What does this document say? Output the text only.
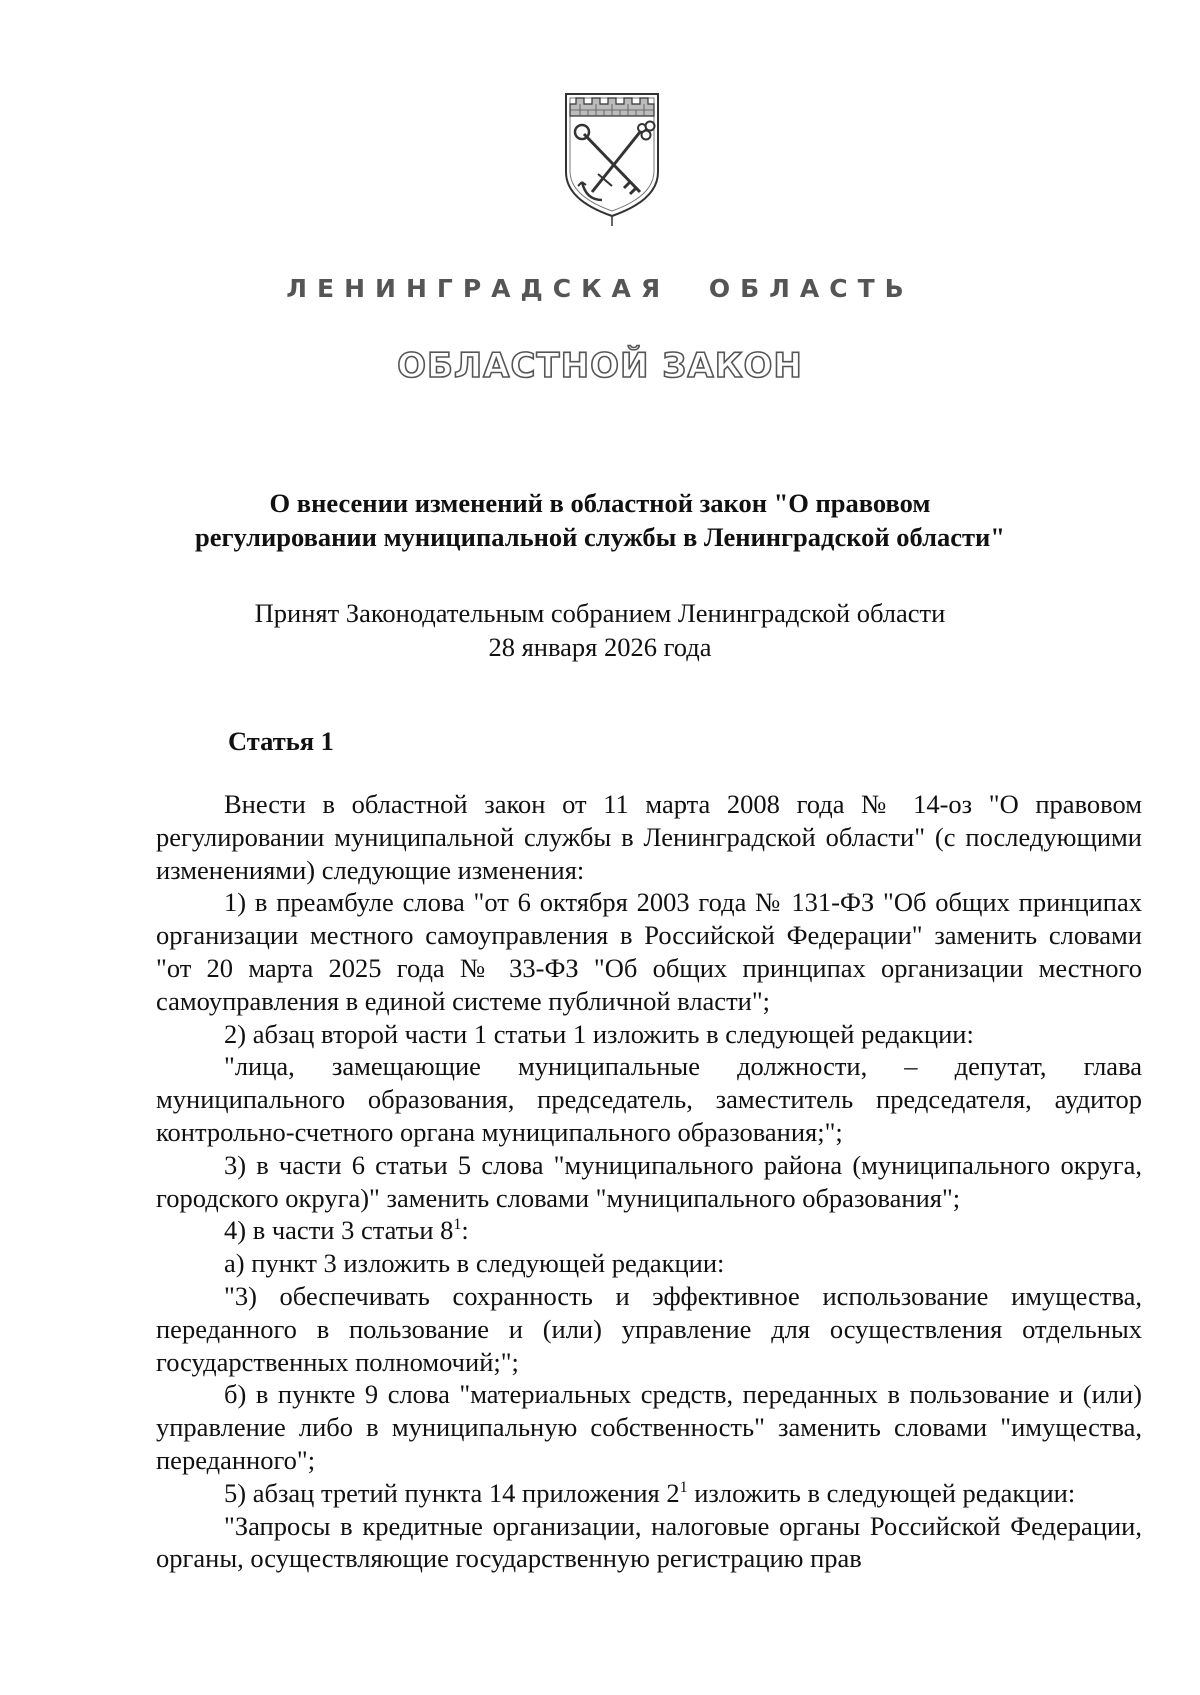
ЛЕНИНГРАДСКАЯ ОБЛАСТЬ
ОБЛАСТНОЙ ЗАКОН
О внесении изменений в областной закон "О правовом
регулировании муниципальной службы в Ленинградской области"
Принят Законодательным собранием Ленинградской области
28 января 2026 года
Статья 1

Внести в областной закон от 11 марта 2008 года № 14-оз "О правовом регулировании муниципальной службы в Ленинградской области" (с последующими изменениями) следующие изменения:

1) в преамбуле слова "от 6 октября 2003 года № 131-ФЗ "Об общих принципах организации местного самоуправления в Российской Федерации" заменить словами "от 20 марта 2025 года № 33-ФЗ "Об общих принципах организации местного самоуправления в единой системе публичной власти";

2) абзац второй части 1 статьи 1 изложить в следующей редакции:

"лица, замещающие муниципальные должности, – депутат, глава муниципального образования, председатель, заместитель председателя, аудитор контрольно-счетного органа муниципального образования;";

3) в части 6 статьи 5 слова "муниципального района (муниципального округа, городского округа)" заменить словами "муниципального образования";

4) в части 3 статьи $8^1$:

а) пункт 3 изложить в следующей редакции:

"3) обеспечивать сохранность и эффективное использование имущества, переданного в пользование и (или) управление для осуществления отдельных государственных полномочий;";

б) в пункте 9 слова "материальных средств, переданных в пользование и (или) управление либо в муниципальную собственность" заменить словами "имущества, переданного";

5) абзац третий пункта 14 приложения $2^1$ изложить в следующей редакции:

"Запросы в кредитные организации, налоговые органы Российской Федерации, органы, осуществляющие государственную регистрацию прав
